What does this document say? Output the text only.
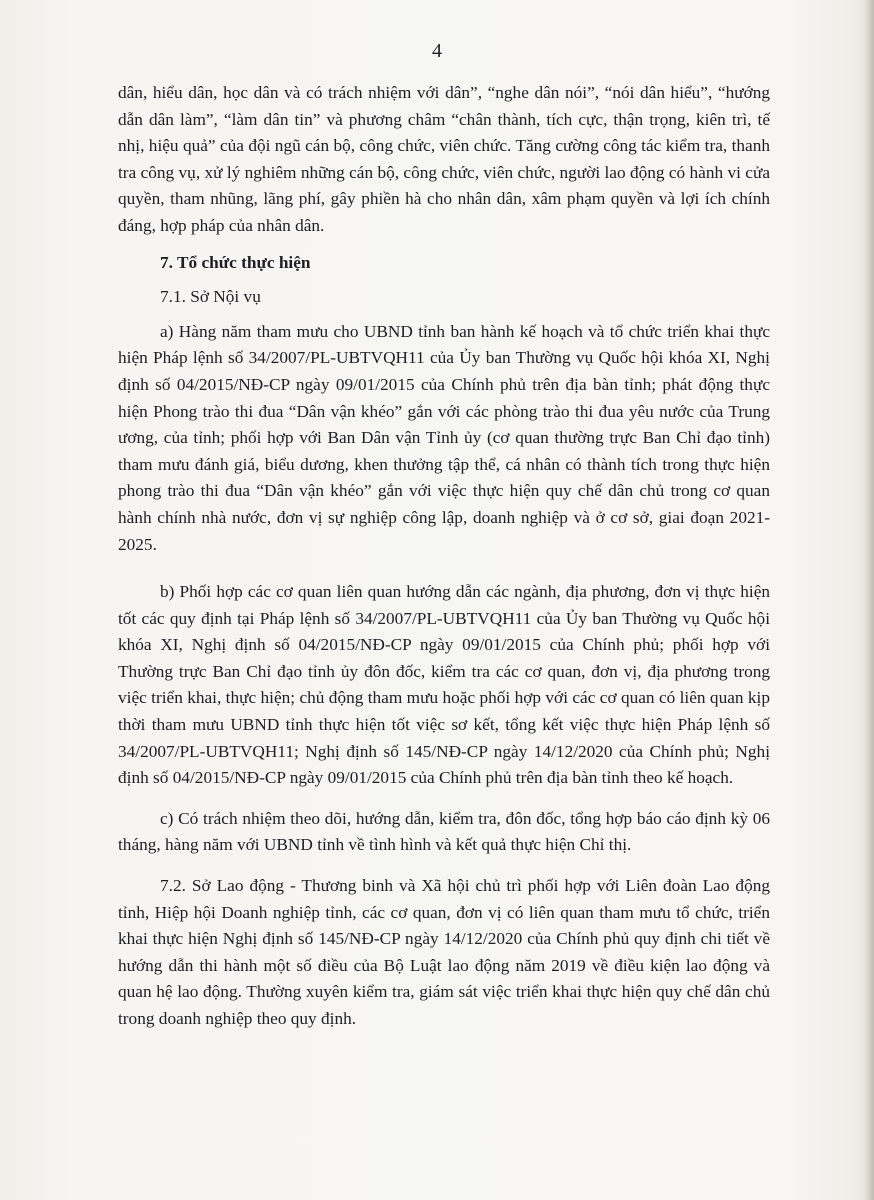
4

dân, hiểu dân, học dân và có trách nhiệm với dân”, “nghe dân nói”, “nói dân hiểu”, “hướng dẫn dân làm”, “làm dân tin” và phương châm “chân thành, tích cực, thận trọng, kiên trì, tế nhị, hiệu quả” của đội ngũ cán bộ, công chức, viên chức. Tăng cường công tác kiểm tra, thanh tra công vụ, xử lý nghiêm những cán bộ, công chức, viên chức, người lao động có hành vi cửa quyền, tham nhũng, lãng phí, gây phiền hà cho nhân dân, xâm phạm quyền và lợi ích chính đáng, hợp pháp của nhân dân.

7. Tổ chức thực hiện

7.1. Sở Nội vụ

a) Hàng năm tham mưu cho UBND tỉnh ban hành kế hoạch và tổ chức triển khai thực hiện Pháp lệnh số 34/2007/PL-UBTVQH11 của Ủy ban Thường vụ Quốc hội khóa XI, Nghị định số 04/2015/NĐ-CP ngày 09/01/2015 của Chính phủ trên địa bàn tỉnh; phát động thực hiện Phong trào thi đua “Dân vận khéo” gắn với các phòng trào thi đua yêu nước của Trung ương, của tỉnh; phối hợp với Ban Dân vận Tỉnh ủy (cơ quan thường trực Ban Chỉ đạo tỉnh) tham mưu đánh giá, biểu dương, khen thưởng tập thể, cá nhân có thành tích trong thực hiện phong trào thi đua “Dân vận khéo” gắn với việc thực hiện quy chế dân chủ trong cơ quan hành chính nhà nước, đơn vị sự nghiệp công lập, doanh nghiệp và ở cơ sở, giai đoạn 2021-2025.

b) Phối hợp các cơ quan liên quan hướng dẫn các ngành, địa phương, đơn vị thực hiện tốt các quy định tại Pháp lệnh số 34/2007/PL-UBTVQH11 của Ủy ban Thường vụ Quốc hội khóa XI, Nghị định số 04/2015/NĐ-CP ngày 09/01/2015 của Chính phủ; phối hợp với Thường trực Ban Chỉ đạo tỉnh ủy đôn đốc, kiểm tra các cơ quan, đơn vị, địa phương trong việc triển khai, thực hiện; chủ động tham mưu hoặc phối hợp với các cơ quan có liên quan kịp thời tham mưu UBND tỉnh thực hiện tốt việc sơ kết, tổng kết việc thực hiện Pháp lệnh số 34/2007/PL-UBTVQH11; Nghị định số 145/NĐ-CP ngày 14/12/2020 của Chính phủ; Nghị định số 04/2015/NĐ-CP ngày 09/01/2015 của Chính phủ trên địa bàn tỉnh theo kế hoạch.

c) Có trách nhiệm theo dõi, hướng dẫn, kiểm tra, đôn đốc, tổng hợp báo cáo định kỳ 06 tháng, hàng năm với UBND tỉnh về tình hình và kết quả thực hiện Chỉ thị.

7.2. Sở Lao động - Thương binh và Xã hội chủ trì phối hợp với Liên đoàn Lao động tỉnh, Hiệp hội Doanh nghiệp tỉnh, các cơ quan, đơn vị có liên quan tham mưu tổ chức, triển khai thực hiện Nghị định số 145/NĐ-CP ngày 14/12/2020 của Chính phủ quy định chi tiết về hướng dẫn thi hành một số điều của Bộ Luật lao động năm 2019 về điều kiện lao động và quan hệ lao động. Thường xuyên kiểm tra, giám sát việc triển khai thực hiện quy chế dân chủ trong doanh nghiệp theo quy định.
